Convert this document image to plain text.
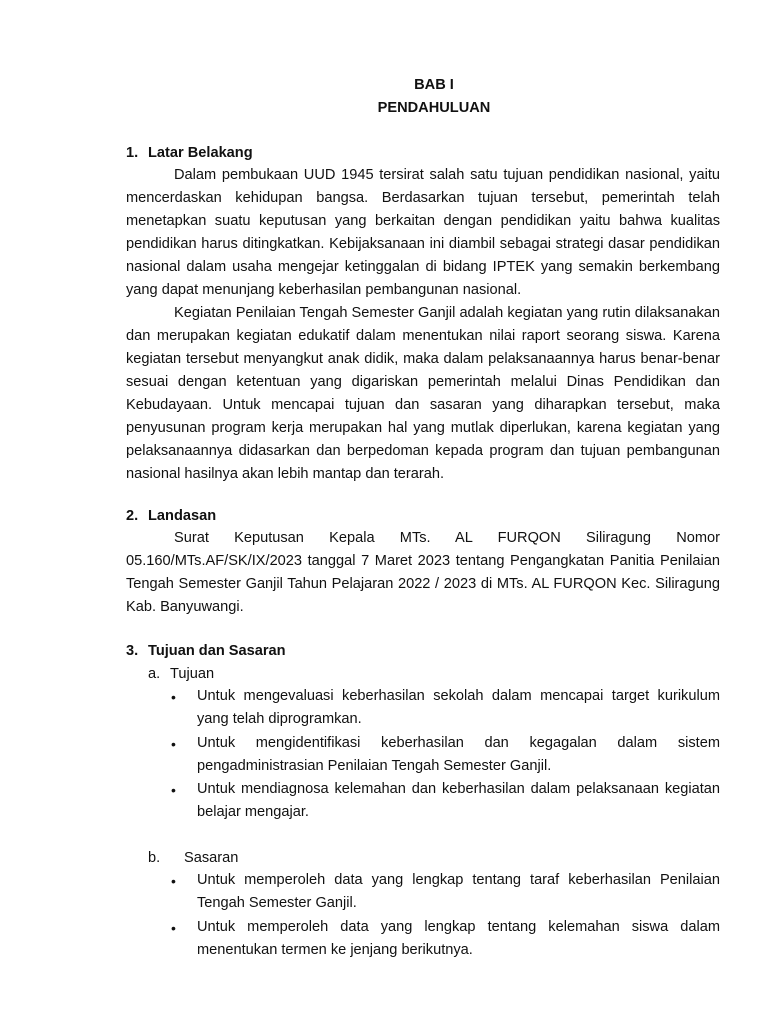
BAB I
PENDAHULUAN
1. Latar Belakang

Dalam pembukaan UUD 1945 tersirat salah satu tujuan pendidikan nasional, yaitu mencerdaskan kehidupan bangsa. Berdasarkan tujuan tersebut, pemerintah telah menetapkan suatu keputusan yang berkaitan dengan pendidikan yaitu bahwa kualitas pendidikan harus ditingkatkan. Kebijaksanaan ini diambil sebagai strategi dasar pendidikan nasional dalam usaha mengejar ketinggalan di bidang IPTEK yang semakin berkembang yang dapat menunjang keberhasilan pembangunan nasional.

Kegiatan Penilaian Tengah Semester Ganjil adalah kegiatan yang rutin dilaksanakan dan merupakan kegiatan edukatif dalam menentukan nilai raport seorang siswa. Karena kegiatan tersebut menyangkut anak didik, maka dalam pelaksanaannya harus benar-benar sesuai dengan ketentuan yang digariskan pemerintah melalui Dinas Pendidikan dan Kebudayaan. Untuk mencapai tujuan dan sasaran yang diharapkan tersebut, maka penyusunan program kerja merupakan hal yang mutlak diperlukan, karena kegiatan yang pelaksanaannya didasarkan dan berpedoman kepada program dan tujuan pembangunan nasional hasilnya akan lebih mantap dan terarah.

2. Landasan

Surat Keputusan Kepala MTs. AL FURQON Siliragung Nomor 05.160/MTs.AF/SK/IX/2023 tanggal 7 Maret 2023 tentang Pengangkatan Panitia Penilaian Tengah Semester Ganjil Tahun Pelajaran 2022 / 2023 di MTs. AL FURQON Kec. Siliragung Kab. Banyuwangi.

3. Tujuan dan Sasaran
a. Tujuan
• Untuk mengevaluasi keberhasilan sekolah dalam mencapai target kurikulum yang telah diprogramkan.

• Untuk mengidentifikasi keberhasilan dan kegagalan dalam sistem pengadministrasian Penilaian Tengah Semester Ganjil.

• Untuk mendiagnosa kelemahan dan keberhasilan dalam pelaksanaan kegiatan belajar mengajar.

b. Sasaran
• Untuk memperoleh data yang lengkap tentang taraf keberhasilan Penilaian Tengah Semester Ganjil.

• Untuk memperoleh data yang lengkap tentang kelemahan siswa dalam menentukan termen ke jenjang berikutnya.
